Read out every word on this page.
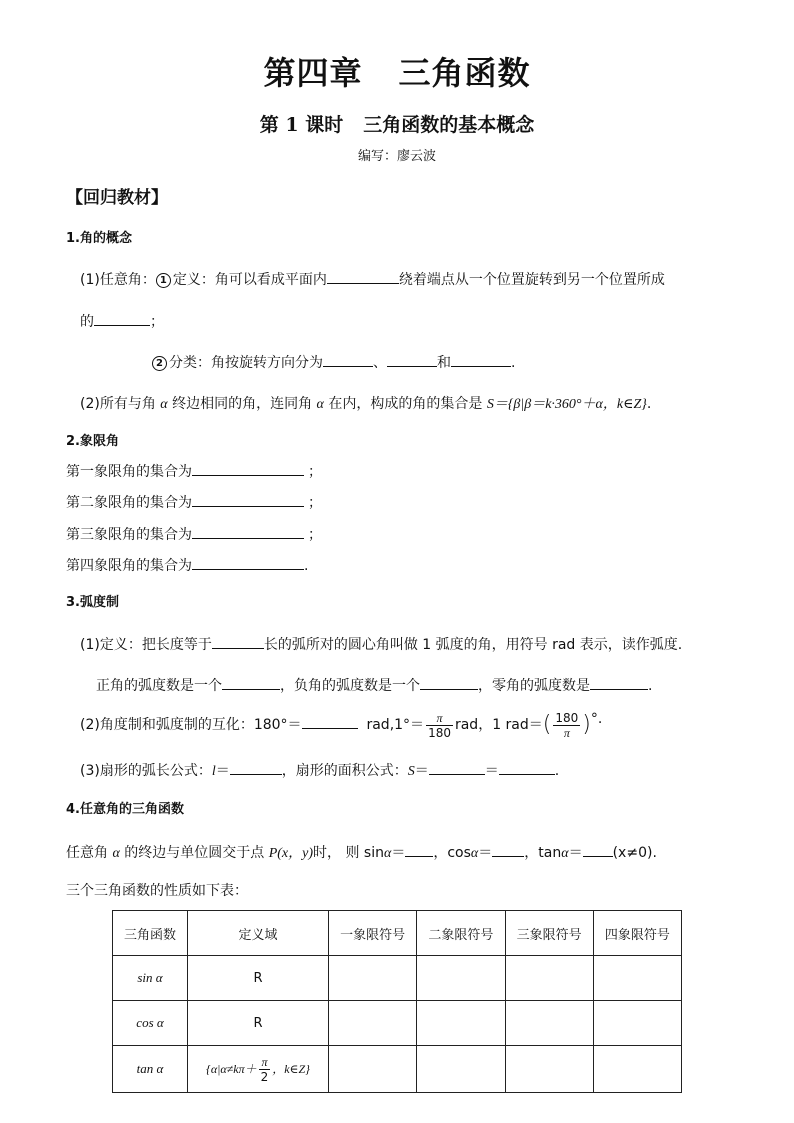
第四章 三角函数
第 1 课时 三角函数的基本概念
编写：廖云波
【回归教材】
1.角的概念
(1)任意角： 1 定义：角可以看成平面内	绕着端点从一个位置旋转到另一个位置所成
的	；
2 分类：角按旋转方向分为	、	和	.
(2)所有与角 α 终边相同的角，连同角 α 在内，构成的角的集合是 S＝{β|β＝k·360°＋α，k∈Z}.
2.象限角
第一象限角的集合为	；
第二象限角的集合为	；
第三象限角的集合为	；
第四象限角的集合为	.
3.弧度制
(1)定义：把长度等于	长的弧所对的圆心角叫做 1 弧度的角，用符号 rad 表示，读作弧度.
正角的弧度数是一个	，负角的弧度数是一个	，零角的弧度数是	.
(2)角度制和弧度制的互化：180°＝	$rad,1^\circ= \frac{\pi}{180}$ rad，1 $rad=( \frac{180}{\pi}$ )°.
(3)扇形的弧长公式：l＝	，扇形的面积公式：S＝	＝	.
4.任意角的三角函数
任意角 α 的终边与单位圆交于点 P(x，y)时， 则 sinα＝ ，cosα＝ ，tanα＝ (x≠0).
三个三角函数的性质如下表：
三角函数	定义域	一象限符号	二象限符号	三象限符号	四象限符号
sin α	R				
cos α	R				
tan α	{$\alpha|\alpha\ne k\pi+ \frac{\pi}{2}$ ，k∈Z}				
